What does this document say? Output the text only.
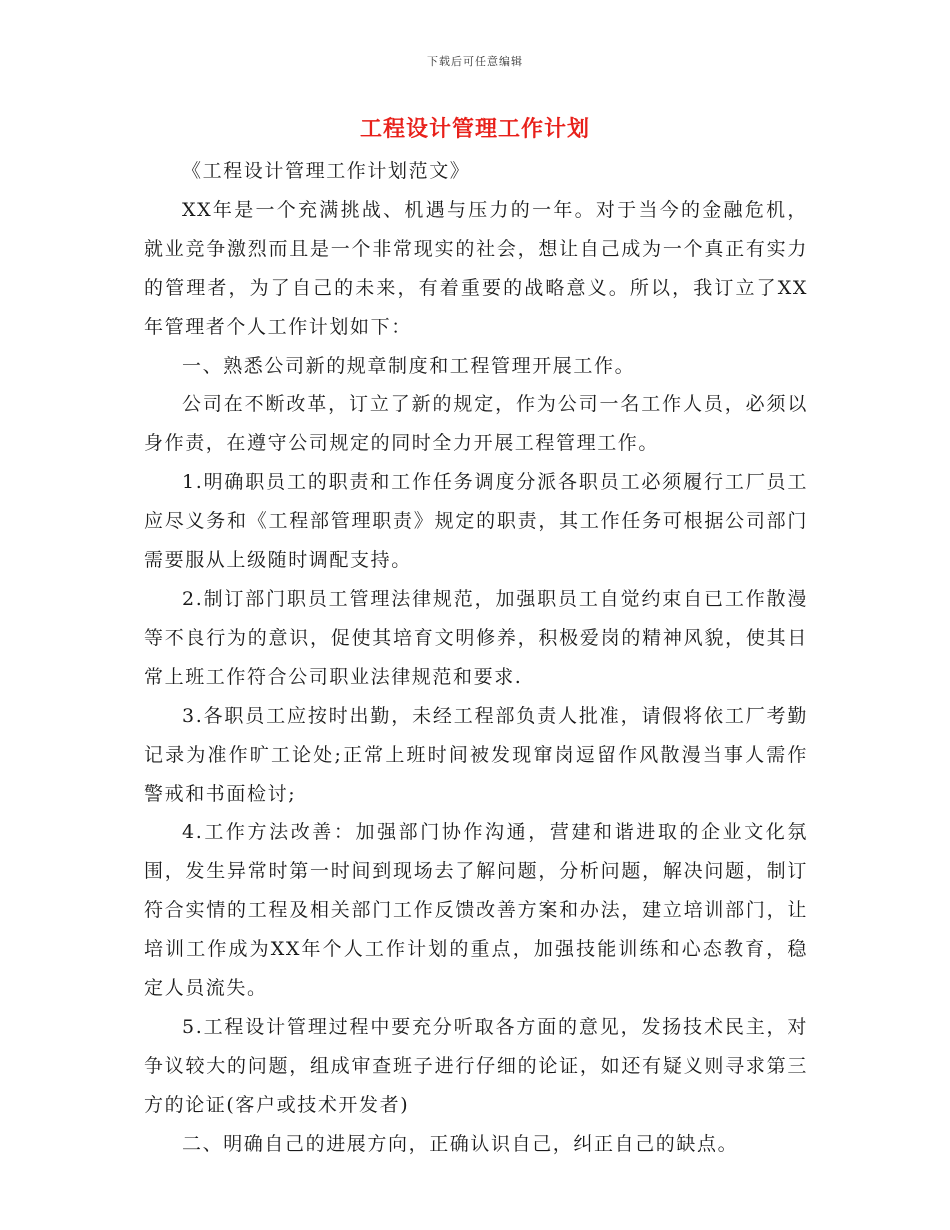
下载后可任意编辑
工程设计管理工作计划

《工程设计管理工作计划范文》

XX年是一个充满挑战、机遇与压力的一年。对于当今的金融危机，就业竞争激烈而且是一个非常现实的社会，想让自己成为一个真正有实力的管理者，为了自己的未来，有着重要的战略意义。所以，我订立了XX年管理者个人工作计划如下：

一、熟悉公司新的规章制度和工程管理开展工作。

公司在不断改革，订立了新的规定，作为公司一名工作人员，必须以身作责，在遵守公司规定的同时全力开展工程管理工作。

1.明确职员工的职责和工作任务调度分派各职员工必须履行工厂员工应尽义务和《工程部管理职责》规定的职责，其工作任务可根据公司部门需要服从上级随时调配支持。

2.制订部门职员工管理法律规范，加强职员工自觉约束自已工作散漫等不良行为的意识，促使其培育文明修养，积极爱岗的精神风貌，使其日常上班工作符合公司职业法律规范和要求.

3.各职员工应按时出勤，未经工程部负责人批准，请假将依工厂考勤记录为准作旷工论处;正常上班时间被发现窜岗逗留作风散漫当事人需作警戒和书面检讨;

4.工作方法改善：加强部门协作沟通，营建和谐进取的企业文化氛围，发生异常时第一时间到现场去了解问题，分析问题，解决问题，制订符合实情的工程及相关部门工作反馈改善方案和办法，建立培训部门，让培训工作成为XX年个人工作计划的重点，加强技能训练和心态教育，稳定人员流失。

5.工程设计管理过程中要充分听取各方面的意见，发扬技术民主，对争议较大的问题，组成审查班子进行仔细的论证，如还有疑义则寻求第三方的论证(客户或技术开发者)

二、明确自己的进展方向，正确认识自己，纠正自己的缺点。
